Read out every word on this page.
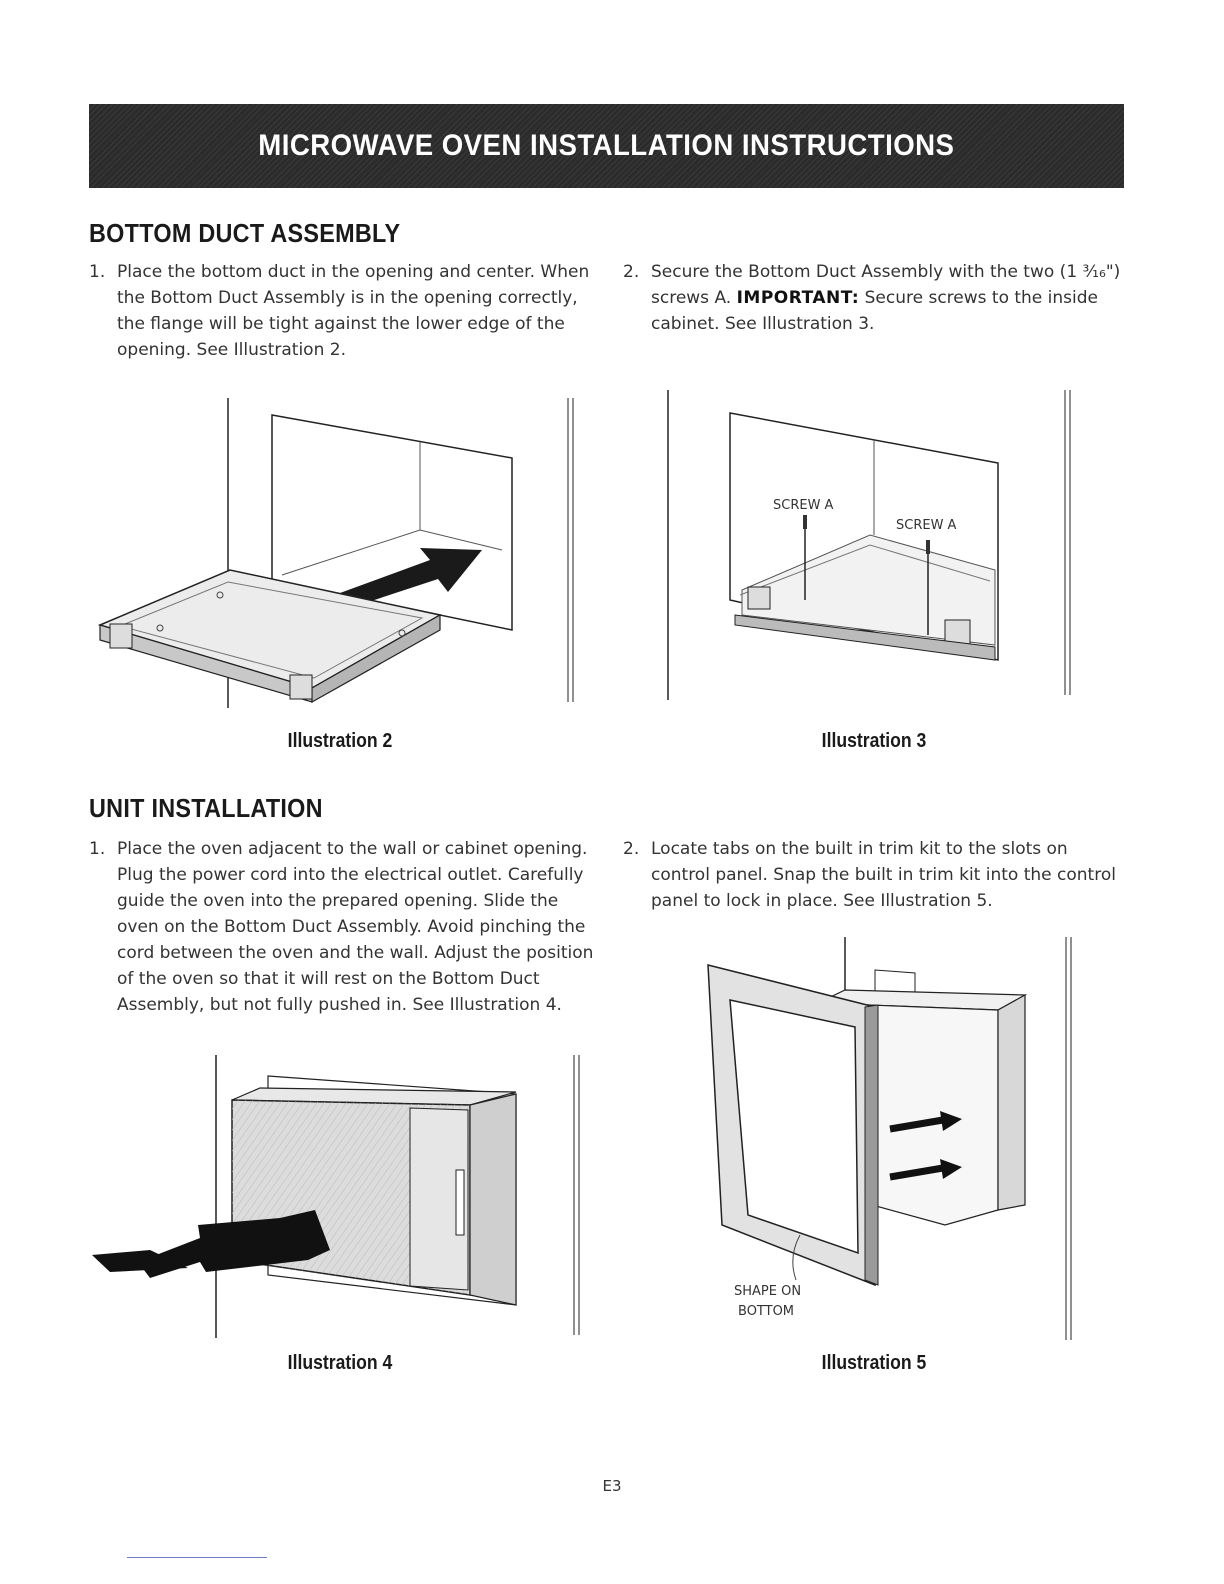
MICROWAVE OVEN INSTALLATION INSTRUCTIONS
BOTTOM DUCT ASSEMBLY
1. Place the bottom duct in the opening and center. When the Bottom Duct Assembly is in the opening correctly, the flange will be tight against the lower edge of the opening. See Illustration 2.
2. Secure the Bottom Duct Assembly with the two (1 ³⁄₁₆") screws A. IMPORTANT: Secure screws to the inside cabinet. See Illustration 3.
Illustration 2
SCREW A
SCREW A
Illustration 3
UNIT INSTALLATION
1. Place the oven adjacent to the wall or cabinet opening. Plug the power cord into the electrical outlet. Carefully guide the oven into the prepared opening. Slide the oven on the Bottom Duct Assembly. Avoid pinching the cord between the oven and the wall. Adjust the position of the oven so that it will rest on the Bottom Duct Assembly, but not fully pushed in. See Illustration 4.
2. Locate tabs on the built in trim kit to the slots on control panel. Snap the built in trim kit into the control panel to lock in place. See Illustration 5.
Illustration 4
SHAPE ON
BOTTOM
Illustration 5
E3
